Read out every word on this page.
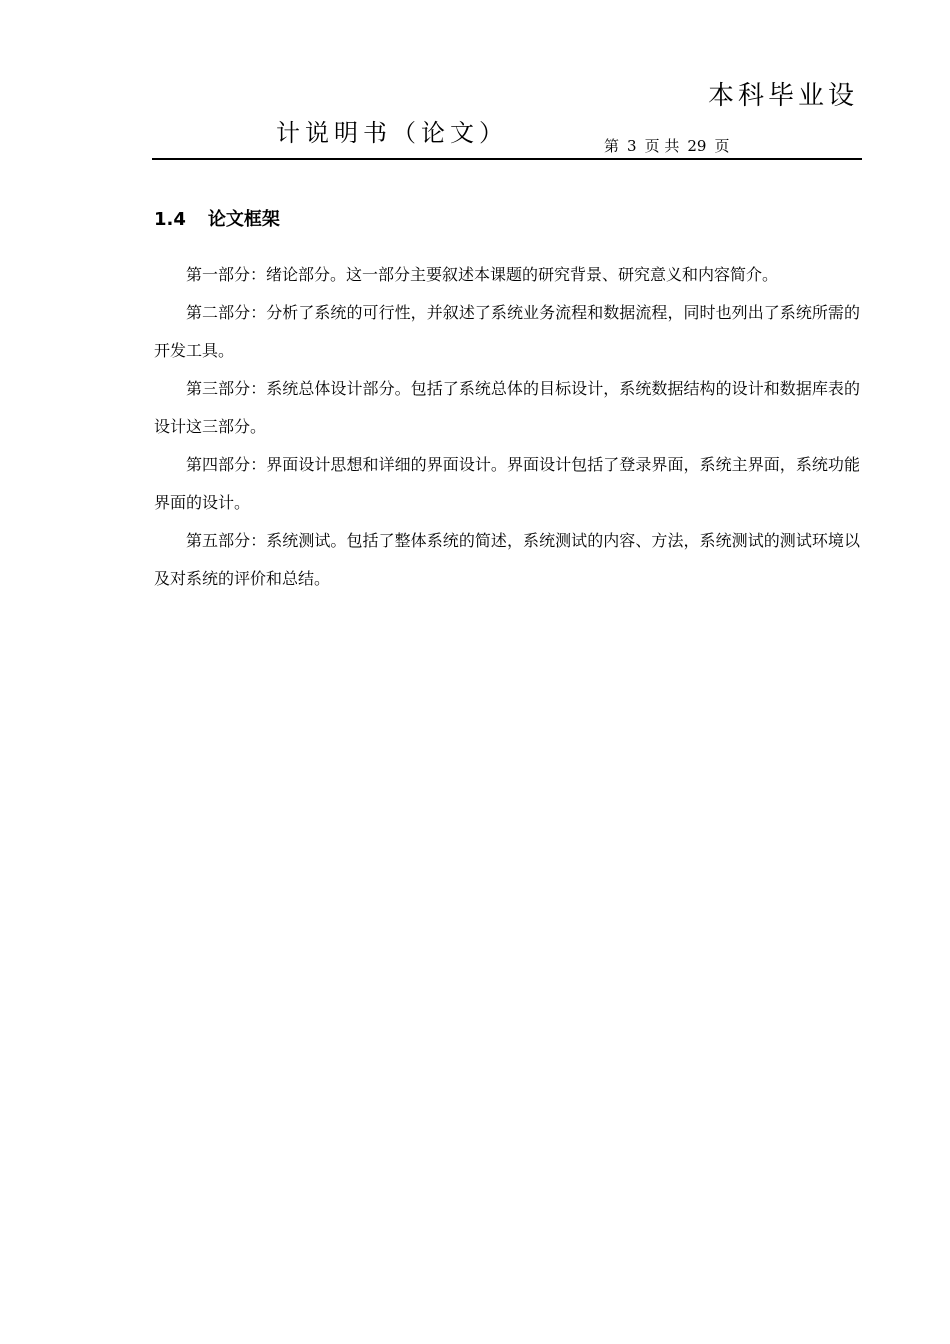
本科毕业设
计说明书（论文）	第 3 页 共 29 页
1.4 论文框架

第一部分：绪论部分。这一部分主要叙述本课题的研究背景、研究意义和内容简介。

第二部分：分析了系统的可行性，并叙述了系统业务流程和数据流程，同时也列出了系统所需的开发工具。

第三部分：系统总体设计部分。包括了系统总体的目标设计，系统数据结构的设计和数据库表的设计这三部分。

第四部分：界面设计思想和详细的界面设计。界面设计包括了登录界面，系统主界面，系统功能界面的设计。

第五部分：系统测试。包括了整体系统的简述，系统测试的内容、方法，系统测试的测试环境以及对系统的评价和总结。
